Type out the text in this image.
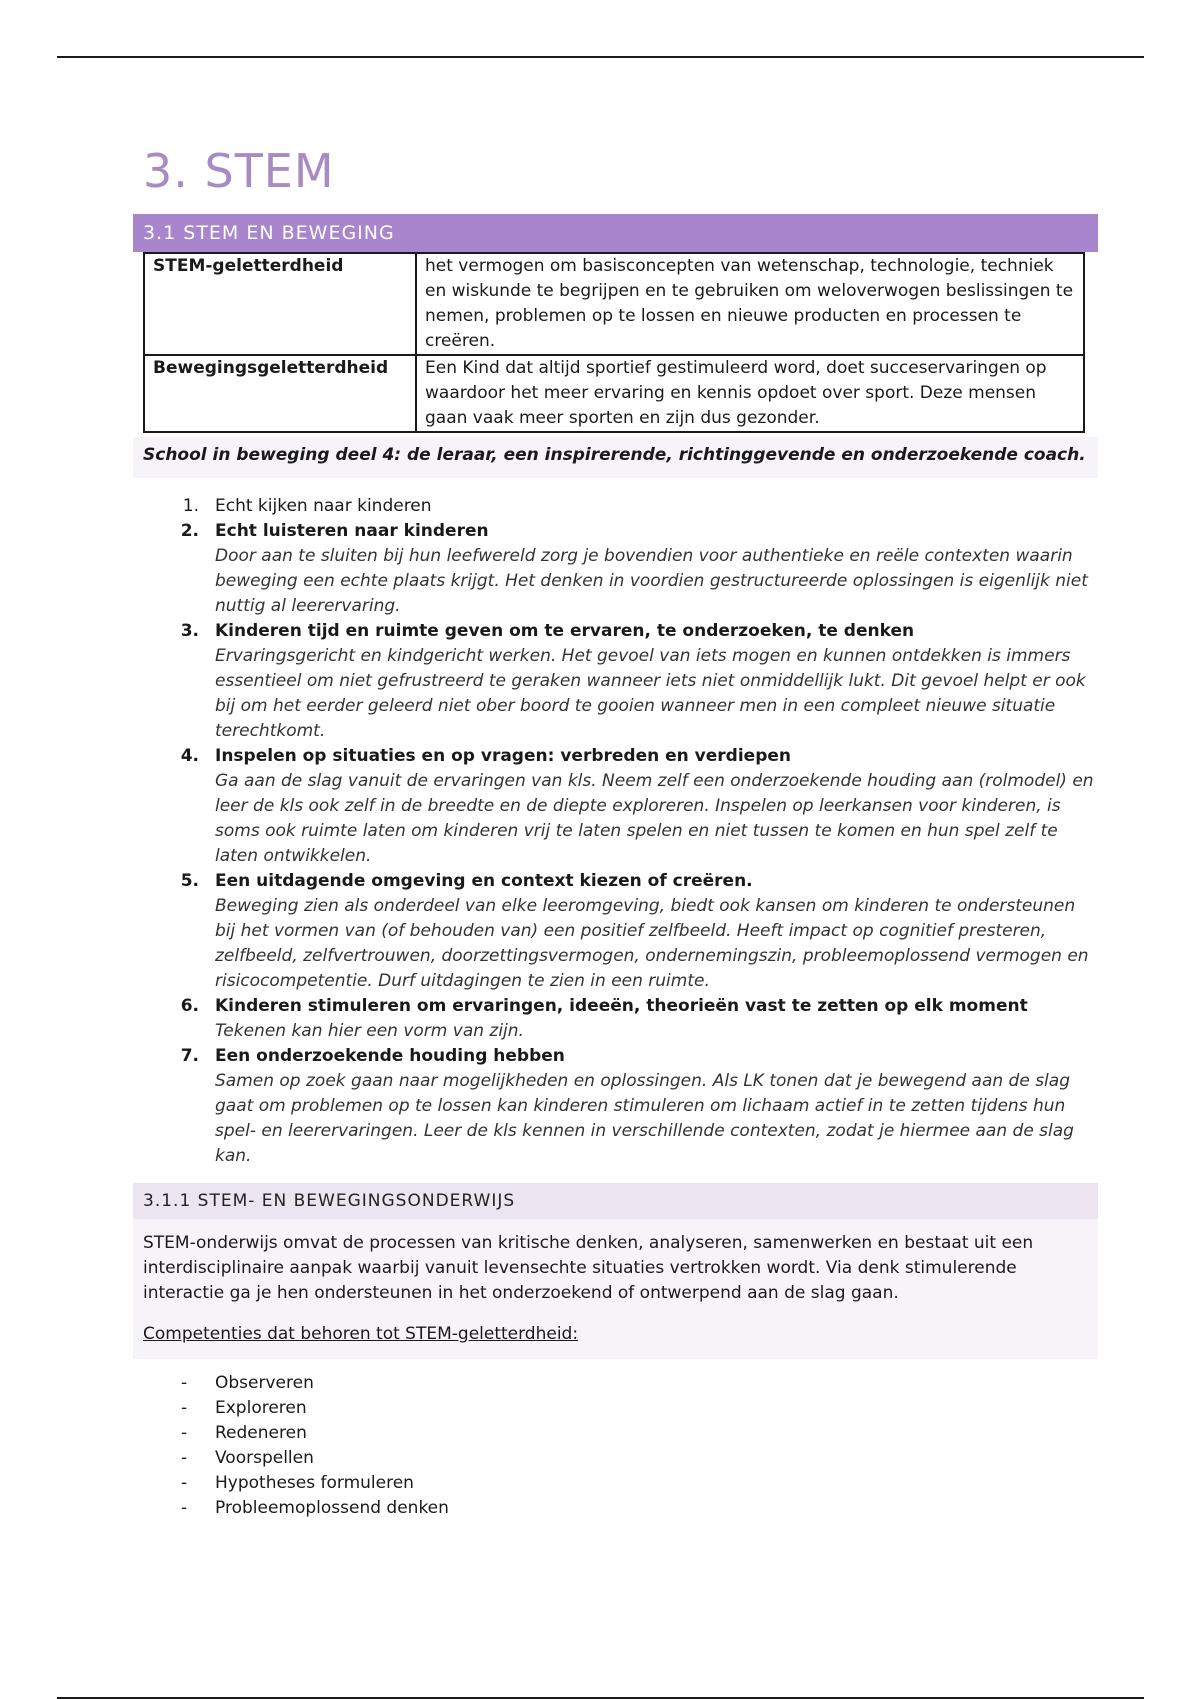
3. STEM
3.1 STEM EN BEWEGING
STEM-geletterdheid	het vermogen om basisconcepten van wetenschap, technologie, techniek en wiskunde te begrijpen en te gebruiken om weloverwogen beslissingen te nemen, problemen op te lossen en nieuwe producten en processen te creëren.
Bewegingsgeletterdheid	Een Kind dat altijd sportief gestimuleerd word, doet succeservaringen op waardoor het meer ervaring en kennis opdoet over sport. Deze mensen gaan vaak meer sporten en zijn dus gezonder.
School in beweging deel 4: de leraar, een inspirerende, richtinggevende en onderzoekende coach.
1. Echt kijken naar kinderen
2. Echt luisteren naar kinderen
Door aan te sluiten bij hun leefwereld zorg je bovendien voor authentieke en reële contexten waarin beweging een echte plaats krijgt. Het denken in voordien gestructureerde oplossingen is eigenlijk niet nuttig al leerervaring.
3. Kinderen tijd en ruimte geven om te ervaren, te onderzoeken, te denken
Ervaringsgericht en kindgericht werken. Het gevoel van iets mogen en kunnen ontdekken is immers essentieel om niet gefrustreerd te geraken wanneer iets niet onmiddellijk lukt. Dit gevoel helpt er ook bij om het eerder geleerd niet ober boord te gooien wanneer men in een compleet nieuwe situatie terechtkomt.
4. Inspelen op situaties en op vragen: verbreden en verdiepen
Ga aan de slag vanuit de ervaringen van kls. Neem zelf een onderzoekende houding aan (rolmodel) en leer de kls ook zelf in de breedte en de diepte exploreren. Inspelen op leerkansen voor kinderen, is soms ook ruimte laten om kinderen vrij te laten spelen en niet tussen te komen en hun spel zelf te laten ontwikkelen.
5. Een uitdagende omgeving en context kiezen of creëren.
Beweging zien als onderdeel van elke leeromgeving, biedt ook kansen om kinderen te ondersteunen bij het vormen van (of behouden van) een positief zelfbeeld. Heeft impact op cognitief presteren, zelfbeeld, zelfvertrouwen, doorzettingsvermogen, ondernemingszin, probleemoplossend vermogen en risicocompetentie. Durf uitdagingen te zien in een ruimte.
6. Kinderen stimuleren om ervaringen, ideeën, theorieën vast te zetten op elk moment
Tekenen kan hier een vorm van zijn.
7. Een onderzoekende houding hebben
Samen op zoek gaan naar mogelijkheden en oplossingen. Als LK tonen dat je bewegend aan de slag gaat om problemen op te lossen kan kinderen stimuleren om lichaam actief in te zetten tijdens hun spel- en leerervaringen. Leer de kls kennen in verschillende contexten, zodat je hiermee aan de slag kan.
3.1.1 STEM- EN BEWEGINGSONDERWIJS
STEM-onderwijs omvat de processen van kritische denken, analyseren, samenwerken en bestaat uit een interdisciplinaire aanpak waarbij vanuit levensechte situaties vertrokken wordt. Via denk stimulerende interactie ga je hen ondersteunen in het onderzoekend of ontwerpend aan de slag gaan.
Competenties dat behoren tot STEM-geletterdheid:
- Observeren
- Exploreren
- Redeneren
- Voorspellen
- Hypotheses formuleren
- Probleemoplossend denken
